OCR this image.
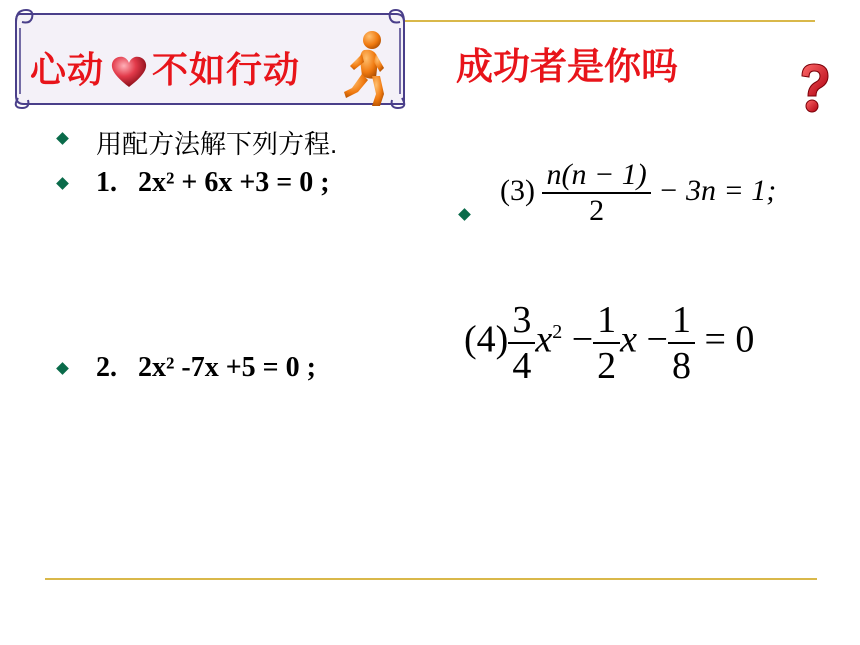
心动 不如行动	成功者是你吗
用配方法解下列方程.
1. 2x² + 6x +3 = 0 ;
2. 2x² -7x +5 = 0 ;
$(3) \frac{n(n - 1)}{2} - 3n = 1$;
$(4) \frac{3}{4} x^2 - \frac{1}{2}$ $x - \frac{1}{8} = 0$
